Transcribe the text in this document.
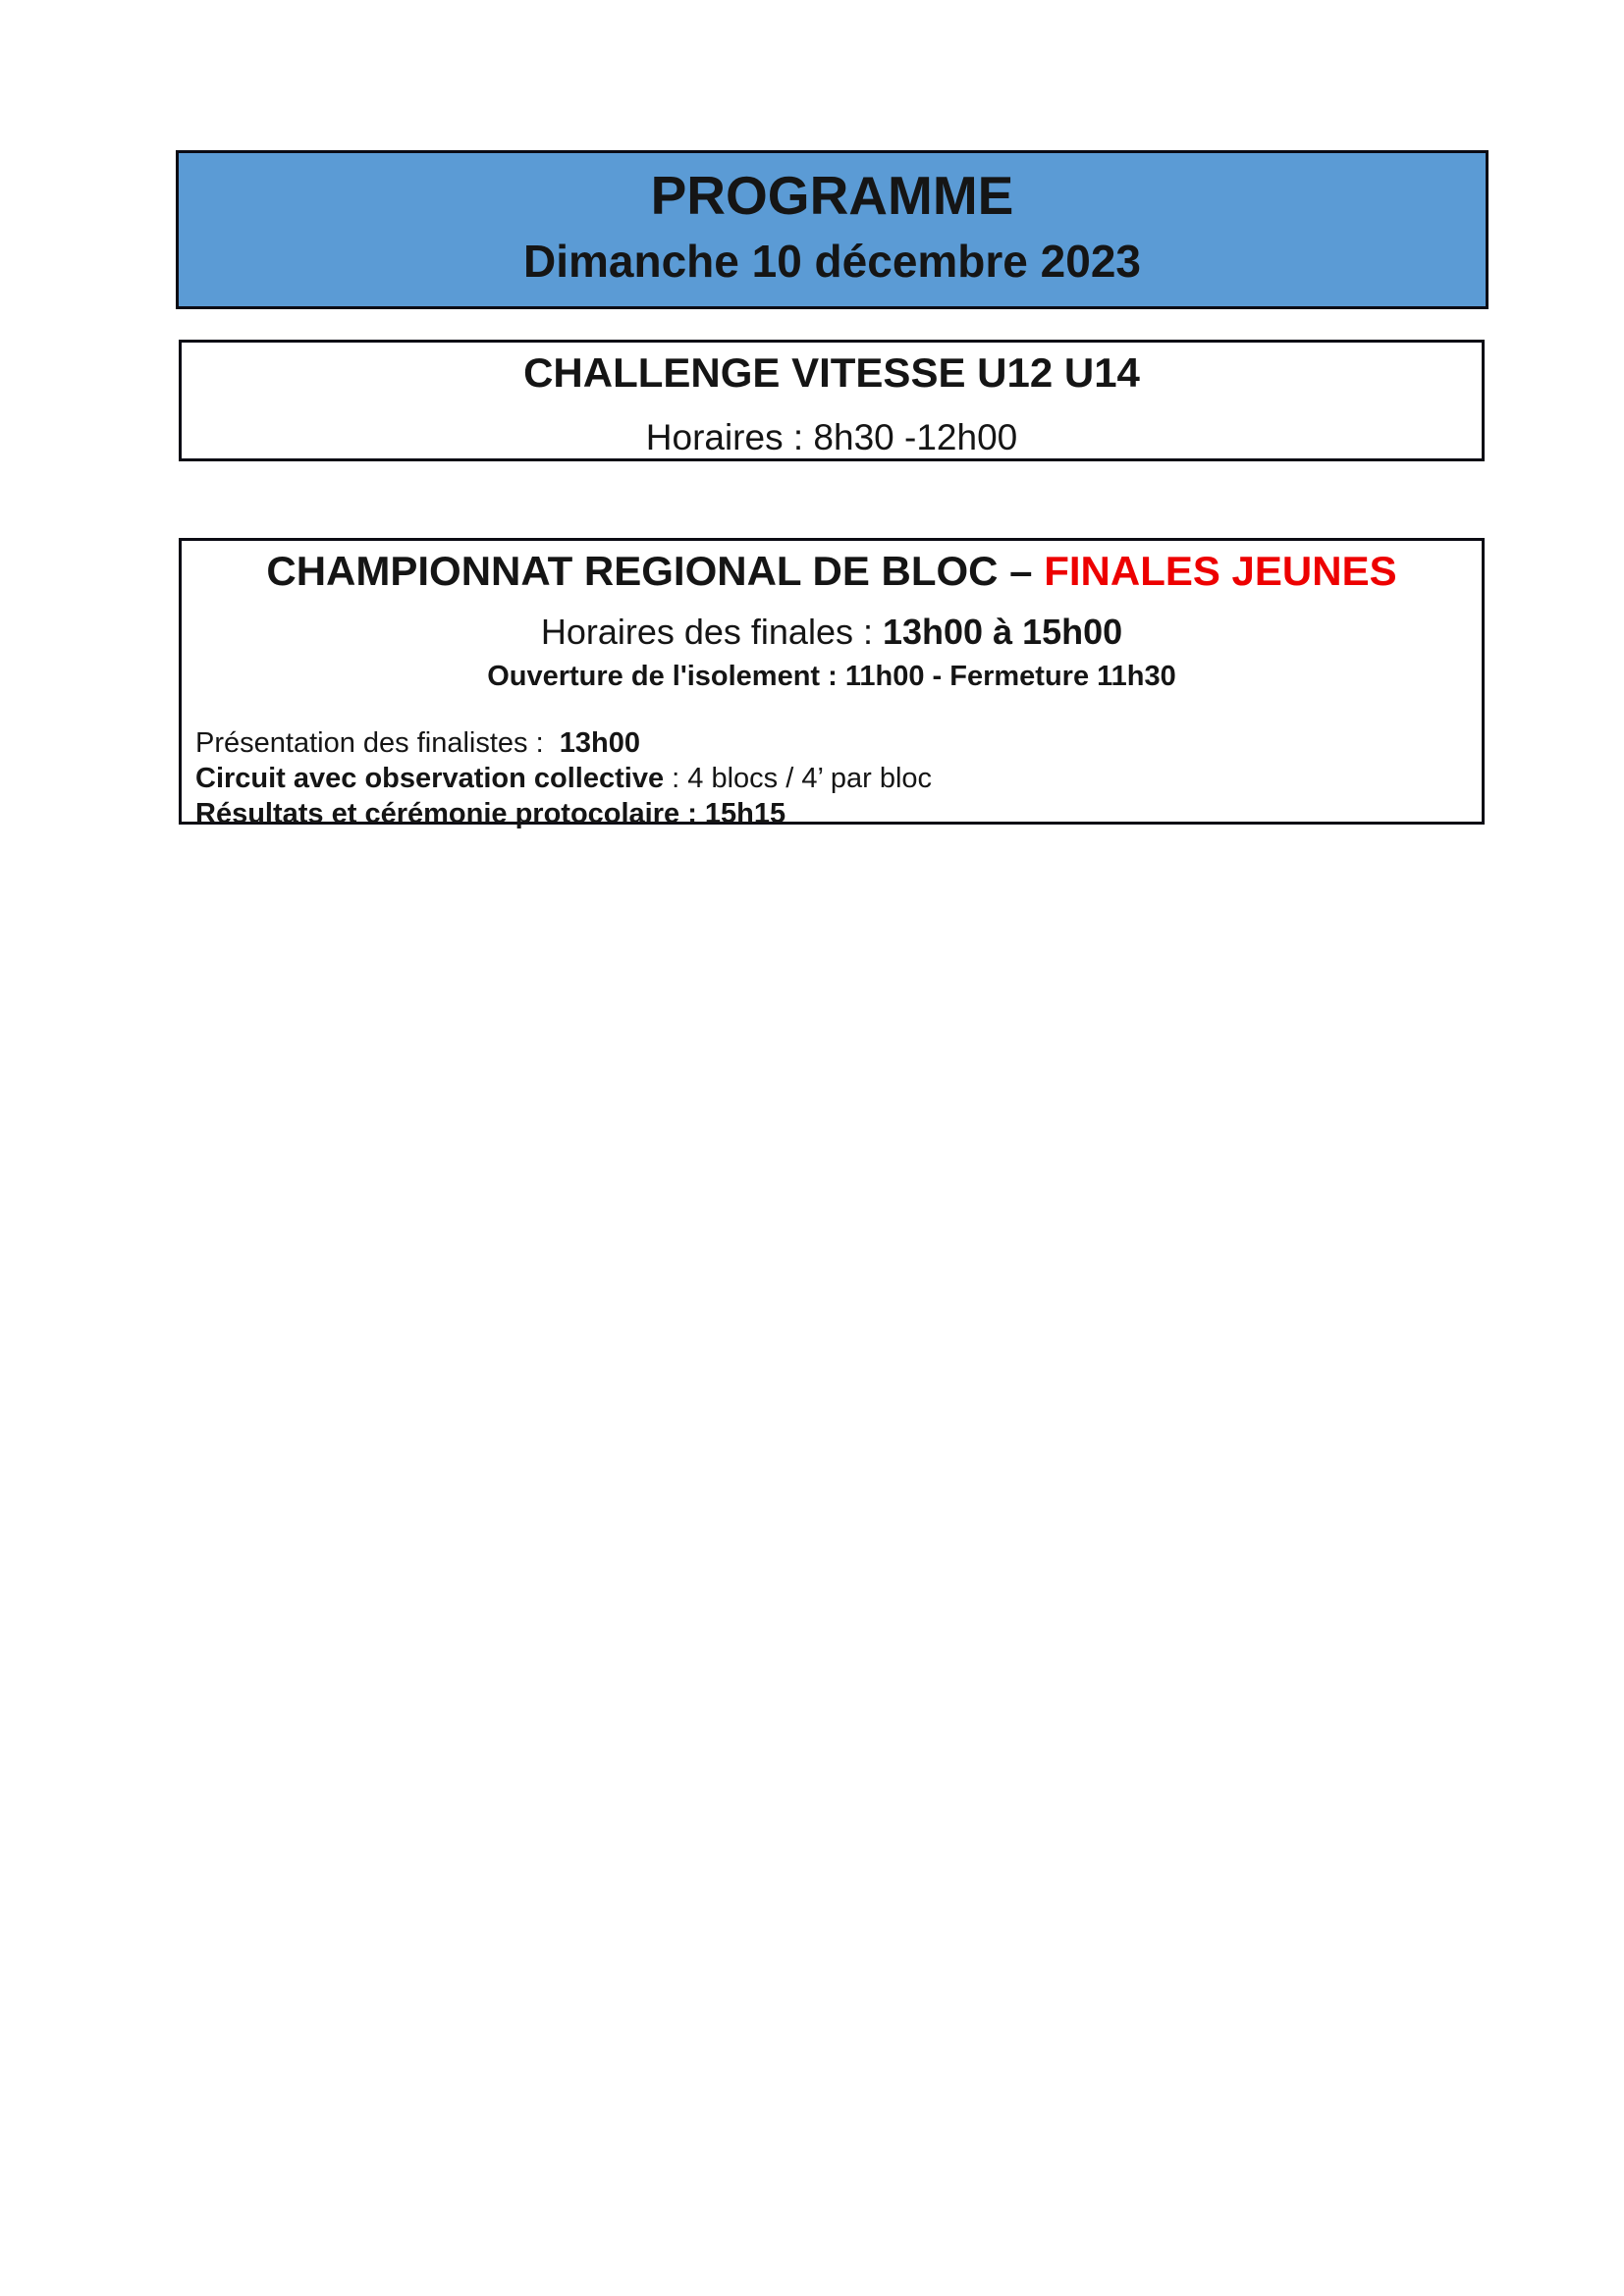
PROGRAMME
Dimanche 10 décembre 2023
CHALLENGE VITESSE U12 U14

Horaires : 8h30 -12h00

CHAMPIONNAT REGIONAL DE BLOC – FINALES JEUNES

Horaires des finales : 13h00 à 15h00

Ouverture de l'isolement : 11h00 - Fermeture 11h30

Présentation des finalistes :  13h00
Circuit avec observation collective : 4 blocs / 4’ par bloc
Résultats et cérémonie protocolaire : 15h15
